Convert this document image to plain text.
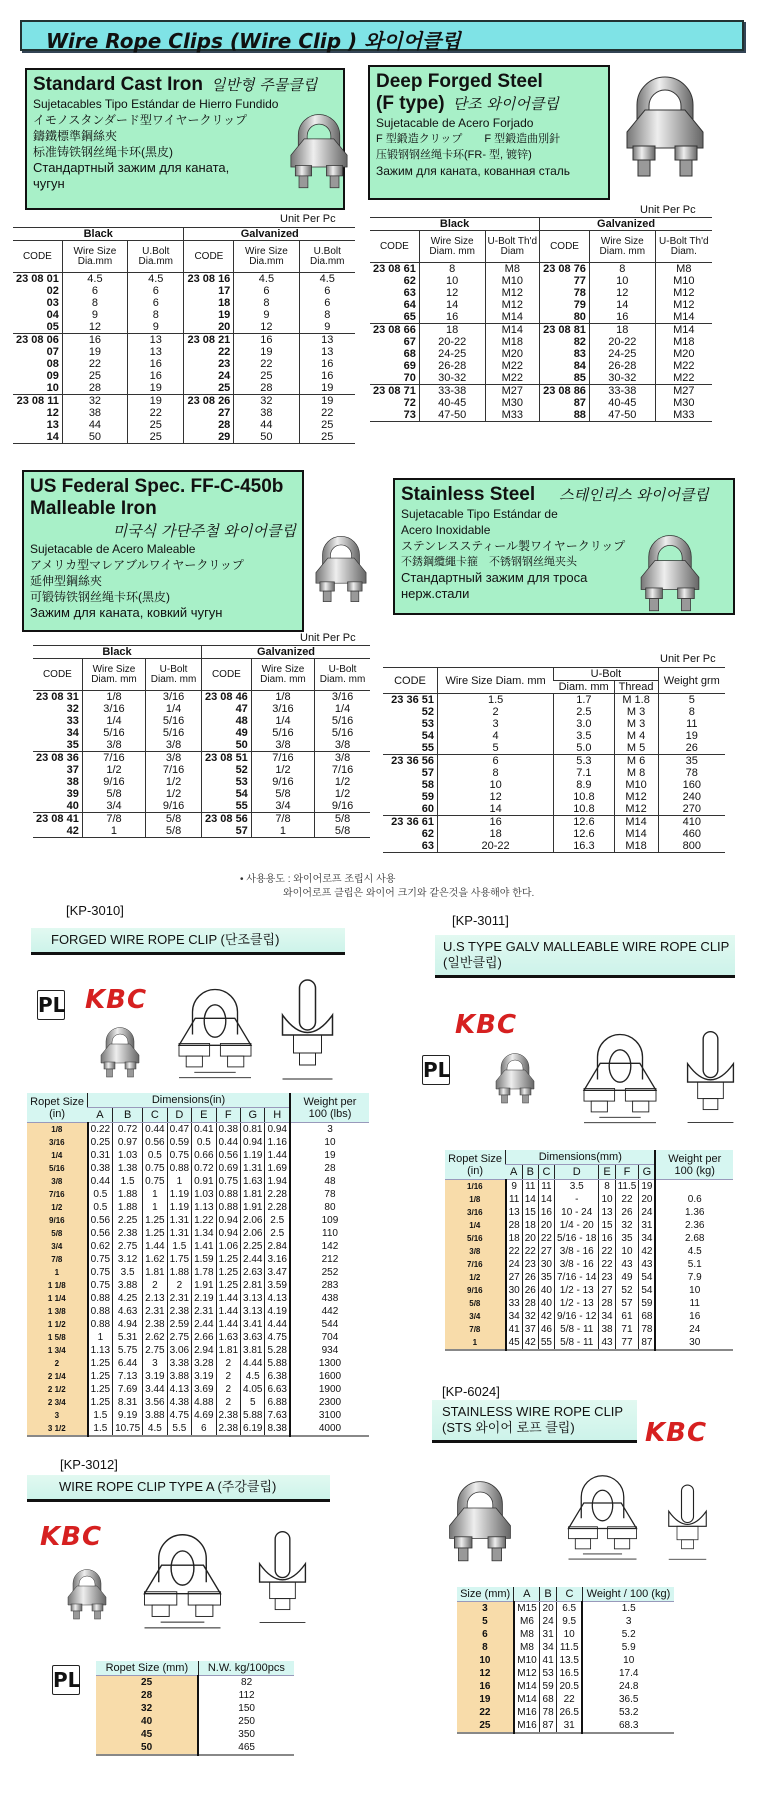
Wire Rope Clips (Wire Clip ) 와이어클립
Standard Cast Iron 일반형 주물클립
Sujetacables Tipo Estándar de Hierro Fundido
イモノスタンダード型ワイヤークリップ
鑄鐵標準鋼絲夾
标准铸铁钢丝绳卡环(黑皮)
Стандартный зажим для каната, чугун
Unit Per Pc
Black			Galvanized		
CODE	Wire Size Dia.mm	U.Bolt Dia.mm	CODE	Wire Size Dia.mm	U.Bolt Dia.mm
23 08 01	4.5	4.5	23 08 16	4.5	4.5
02	6	6	17	6	6
03	8	6	18	8	6
04	9	8	19	9	8
05	12	9	20	12	9
23 08 06	16	13	23 08 21	16	13
07	19	13	22	19	13
08	22	16	23	22	16
09	25	16	24	25	16
10	28	19	25	28	19
23 08 11	32	19	23 08 26	32	19
12	38	22	27	38	22
13	44	25	28	44	25
14	50	25	29	50	25
Deep Forged Steel
(F type) 단조 와이어클립
Sujetacable de Acero Forjado
F 型鍛造クリップ　　F 型鍛造曲別針
压锻钢钢丝绳卡环(FR- 型, 镀锌)
Зажим для каната, кованная сталь
Unit Per Pc
Black			Galvanized		
CODE	Wire Size Diam. mm	U-Bolt Th'd Diam	CODE	Wire Size Diam. mm	U-Bolt Th'd Diam.
23 08 61	8	M8	23 08 76	8	M8
62	10	M10	77	10	M10
63	12	M12	78	12	M12
64	14	M12	79	14	M12
65	16	M14	80	16	M14
23 08 66	18	M14	23 08 81	18	M14
67	20-22	M18	82	20-22	M18
68	24-25	M20	83	24-25	M20
69	26-28	M22	84	26-28	M22
70	30-32	M22	85	30-32	M22
23 08 71	33-38	M27	23 08 86	33-38	M27
72	40-45	M30	87	40-45	M30
73	47-50	M33	88	47-50	M33
US Federal Spec. FF-C-450b
Malleable Iron
미국식 가단주철 와이어클립
Sujetacable de Acero Maleable
アメリカ型マレアブルワイヤークリップ
延伸型鋼絲夾
可锻铸铁钢丝绳卡环(黑皮)
Зажим для каната, ковкий чугун
Unit Per Pc
Black			Galvanized		
CODE	Wire Size Diam. mm	U-Bolt Diam. mm	CODE	Wire Size Diam. mm	U-Bolt Diam. mm
23 08 31	1/8	3/16	23 08 46	1/8	3/16
32	3/16	1/4	47	3/16	1/4
33	1/4	5/16	48	1/4	5/16
34	5/16	5/16	49	5/16	5/16
35	3/8	3/8	50	3/8	3/8
23 08 36	7/16	3/8	23 08 51	7/16	3/8
37	1/2	7/16	52	1/2	7/16
38	9/16	1/2	53	9/16	1/2
39	5/8	1/2	54	5/8	1/2
40	3/4	9/16	55	3/4	9/16
23 08 41	7/8	5/8	23 08 56	7/8	5/8
42	1	5/8	57	1	5/8
Stainless Steel 스테인리스 와이어클립
Sujetacable Tipo Estándar de
Acero Inoxidable
ステンレススティール製ワイヤークリップ
不銹鋼纜繩卡箍　不锈钢钢丝绳夹头
Стандартный зажим для троса нерж.стали
Unit Per Pc
CODE	Wire Size Diam. mm	U-Bolt		Weight grm
		Diam. mm	Thread	
23 36 51	1.5	1.7	M 1.8	5
52	2	2.5	M 3	8
53	3	3.0	M 3	11
54	4	3.5	M 4	19
55	5	5.0	M 5	26
23 36 56	6	5.3	M 6	35
57	8	7.1	M 8	78
58	10	8.9	M10	160
59	12	10.8	M12	240
60	14	10.8	M12	270
23 36 61	16	12.6	M14	410
62	18	12.6	M14	460
63	20-22	16.3	M18	800
• 사용용도 : 와이어로프 조립시 사용
와이어로프 클립은 와이어 크기와 같은것을 사용해야 한다.
[KP-3010]
FORGED WIRE ROPE CLIP (단조클립)
PL KBC
Ropet Size (in)	Dimensions(in)								Weight per 100 (lbs)
	A	B	C	D	E	F	G	H	
1/8	0.22	0.72	0.44	0.47	0.41	0.38	0.81	0.94	3
3/16	0.25	0.97	0.56	0.59	0.5	0.44	0.94	1.16	10
1/4	0.31	1.03	0.5	0.75	0.66	0.56	1.19	1.44	19
5/16	0.38	1.38	0.75	0.88	0.72	0.69	1.31	1.69	28
3/8	0.44	1.5	0.75	1	0.91	0.75	1.63	1.94	48
7/16	0.5	1.88	1	1.19	1.03	0.88	1.81	2.28	78
1/2	0.5	1.88	1	1.19	1.13	0.88	1.91	2.28	80
9/16	0.56	2.25	1.25	1.31	1.22	0.94	2.06	2.5	109
5/8	0.56	2.38	1.25	1.31	1.34	0.94	2.06	2.5	110
3/4	0.62	2.75	1.44	1.5	1.41	1.06	2.25	2.84	142
7/8	0.75	3.12	1.62	1.75	1.59	1.25	2.44	3.16	212
1	0.75	3.5	1.81	1.88	1.78	1.25	2.63	3.47	252
1 1/8	0.75	3.88	2	2	1.91	1.25	2.81	3.59	283
1 1/4	0.88	4.25	2.13	2.31	2.19	1.44	3.13	4.13	438
1 3/8	0.88	4.63	2.31	2.38	2.31	1.44	3.13	4.19	442
1 1/2	0.88	4.94	2.38	2.59	2.44	1.44	3.41	4.44	544
1 5/8	1	5.31	2.62	2.75	2.66	1.63	3.63	4.75	704
1 3/4	1.13	5.75	2.75	3.06	2.94	1.81	3.81	5.28	934
2	1.25	6.44	3	3.38	3.28	2	4.44	5.88	1300
2 1/4	1.25	7.13	3.19	3.88	3.19	2	4.5	6.38	1600
2 1/2	1.25	7.69	3.44	4.13	3.69	2	4.05	6.63	1900
2 3/4	1.25	8.31	3.56	4.38	4.88	2	5	6.88	2300
3	1.5	9.19	3.88	4.75	4.69	2.38	5.88	7.63	3100
3 1/2	1.5	10.75	4.5	5.5	6	2.38	6.19	8.38	4000
[KP-3011]
U.S TYPE GALV MALLEABLE WIRE ROPE CLIP
(일반클립)
KBC
PL
Ropet Size (in)	Dimensions(mm)							Weight per 100 (kg)
	A	B	C	D	E	F	G	
1/16	9	11	11	3.5	8	11.5	19	
1/8	11	14	14	-	10	22	20	0.6
3/16	13	15	16	10 - 24	13	26	24	1.36
1/4	28	18	20	1/4 - 20	15	32	31	2.36
5/16	18	20	22	5/16 - 18	16	35	34	2.68
3/8	22	22	27	3/8 - 16	22	10	42	4.5
7/16	24	23	30	3/8 - 16	22	43	43	5.1
1/2	27	26	35	7/16 - 14	23	49	54	7.9
9/16	30	26	40	1/2 - 13	27	52	54	10
5/8	33	28	40	1/2 - 13	28	57	59	11
3/4	34	32	42	9/16 - 12	34	61	68	16
7/8	41	37	46	5/8 - 11	38	71	78	24
1	45	42	55	5/8 - 11	43	77	87	30
[KP-6024]
STAINLESS WIRE ROPE CLIP
(STS 와이어 로프 클립)	KBC
Size (mm)	A	B	C	Weight / 100 (kg)
3	M15	20	6.5	1.5
5	M6	24	9.5	3
6	M8	31	10	5.2
8	M8	34	11.5	5.9
10	M10	41	13.5	10
12	M12	53	16.5	17.4
16	M14	59	20.5	24.8
19	M14	68	22	36.5
22	M16	78	26.5	53.2
25	M16	87	31	68.3
[KP-3012]
WIRE ROPE CLIP TYPE A (주강클립)
KBC
PL Ropet Size (mm)	N.W. kg/100pcs
25	82
28	112
32	150
40	250
45	350
50	465
